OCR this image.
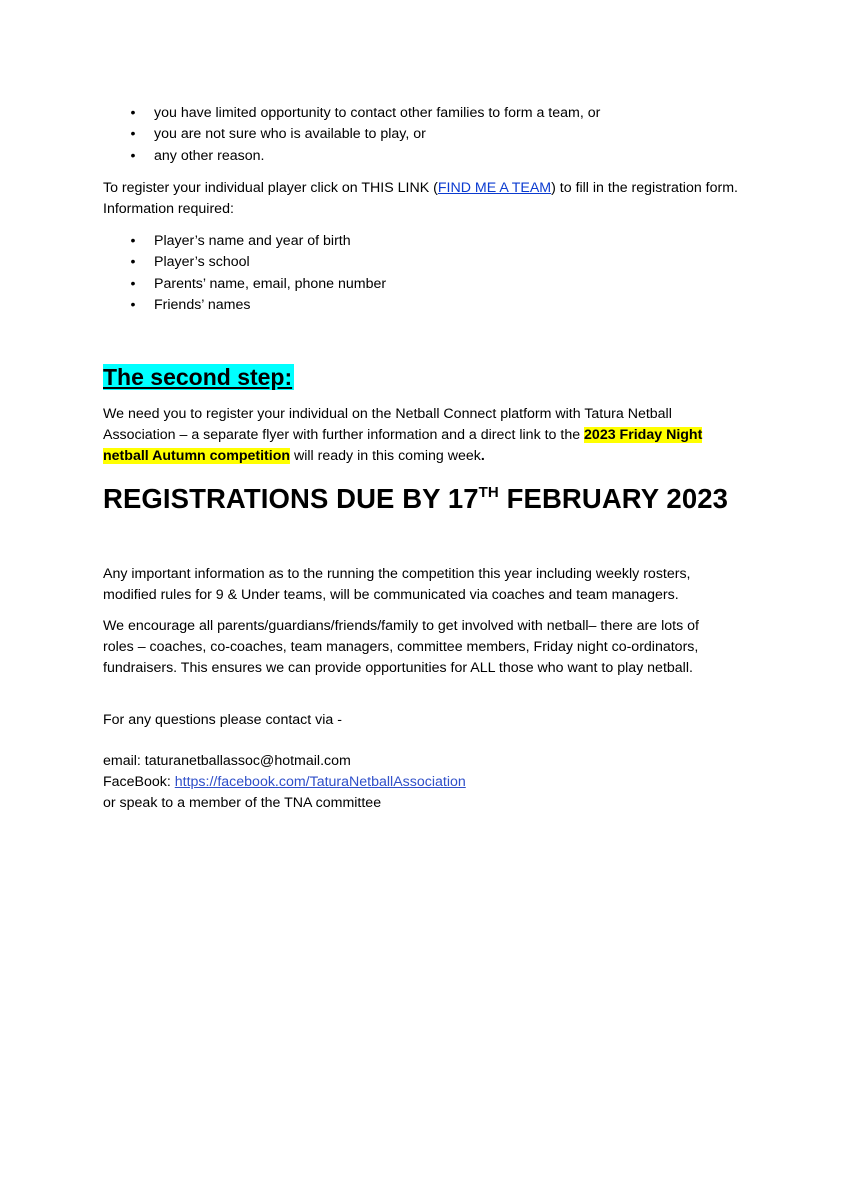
• you have limited opportunity to contact other families to form a team, or
• you are not sure who is available to play, or
• any other reason.
To register your individual player click on THIS LINK (FIND ME A TEAM) to fill in the registration form.
Information required:
• Player’s name and year of birth
• Player’s school
• Parents’ name, email, phone number
• Friends’ names
The second step:
We need you to register your individual on the Netball Connect platform with Tatura Netball Association – a separate flyer with further information and a direct link to the 2023 Friday Night netball Autumn competition will ready in this coming week.
REGISTRATIONS DUE BY 17TH FEBRUARY 2023
Any important information as to the running the competition this year including weekly rosters, modified rules for 9 & Under teams, will be communicated via coaches and team managers.
We encourage all parents/guardians/friends/family to get involved with netball– there are lots of roles – coaches, co-coaches, team managers, committee members, Friday night co-ordinators, fundraisers. This ensures we can provide opportunities for ALL those who want to play netball.
For any questions please contact via -
email: taturanetballassoc@hotmail.com
FaceBook: https://facebook.com/TaturaNetballAssociation
or speak to a member of the TNA committee
